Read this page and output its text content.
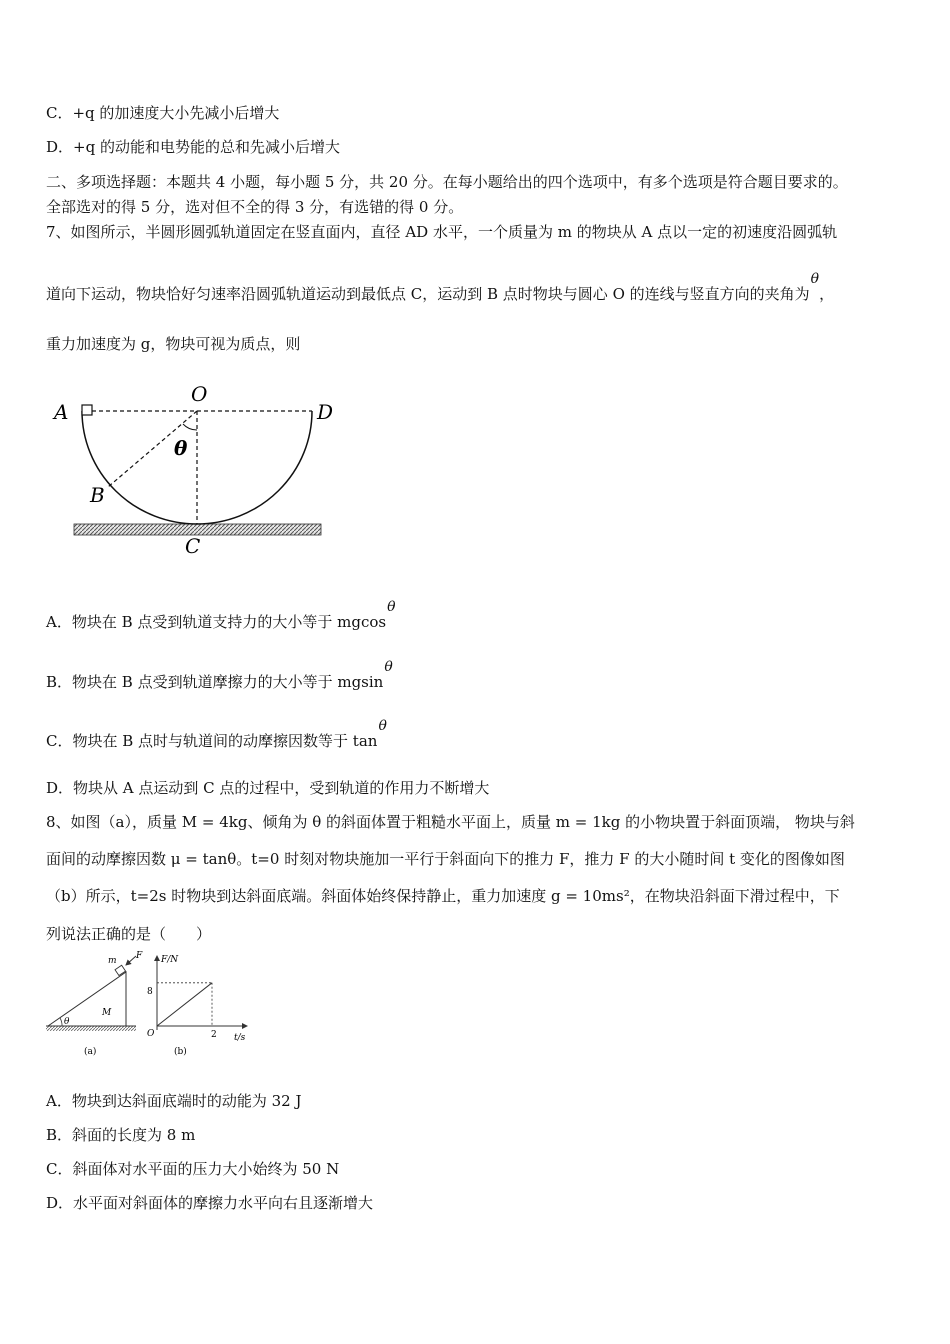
C．+q 的加速度大小先减小后增大
D．+q 的动能和电势能的总和先减小后增大
二、多项选择题：本题共 4 小题，每小题 5 分，共 20 分。在每小题给出的四个选项中，有多个选项是符合题目要求的。
全部选对的得 5 分，选对但不全的得 3 分，有选错的得 0 分。
7、如图所示，半圆形圆弧轨道固定在竖直面内，直径 AD 水平，一个质量为 m 的物块从 A 点以一定的初速度沿圆弧轨
道向下运动，物块恰好匀速率沿圆弧轨道运动到最低点 C，运动到 B 点时物块与圆心 O 的连线与竖直方向的夹角为θ，
重力加速度为 g，物块可视为质点，则
A
O
D
θ
B
C
A．物块在 B 点受到轨道支持力的大小等于 mgcosθ
B．物块在 B 点受到轨道摩擦力的大小等于 mgsinθ
C．物块在 B 点时与轨道间的动摩擦因数等于 tanθ
D．物块从 A 点运动到 C 点的过程中，受到轨道的作用力不断增大
8、如图（a），质量 M = 4kg、倾角为 θ 的斜面体置于粗糙水平面上，质量 m = 1kg 的小物块置于斜面顶端， 物块与斜
面间的动摩擦因数 μ = tanθ。t=0 时刻对物块施加一平行于斜面向下的推力 F，推力 F 的大小随时间 t 变化的图像如图
（b）所示，t=2s 时物块到达斜面底端。斜面体始终保持静止，重力加速度 g = 10ms²，在物块沿斜面下滑过程中，下
列说法正确的是（　　）
F
m
M
θ
(a)
F/N
t/s
O
8
2
(b)
A．物块到达斜面底端时的动能为 32 J
B．斜面的长度为 8 m
C．斜面体对水平面的压力大小始终为 50 N
D．水平面对斜面体的摩擦力水平向右且逐渐增大
